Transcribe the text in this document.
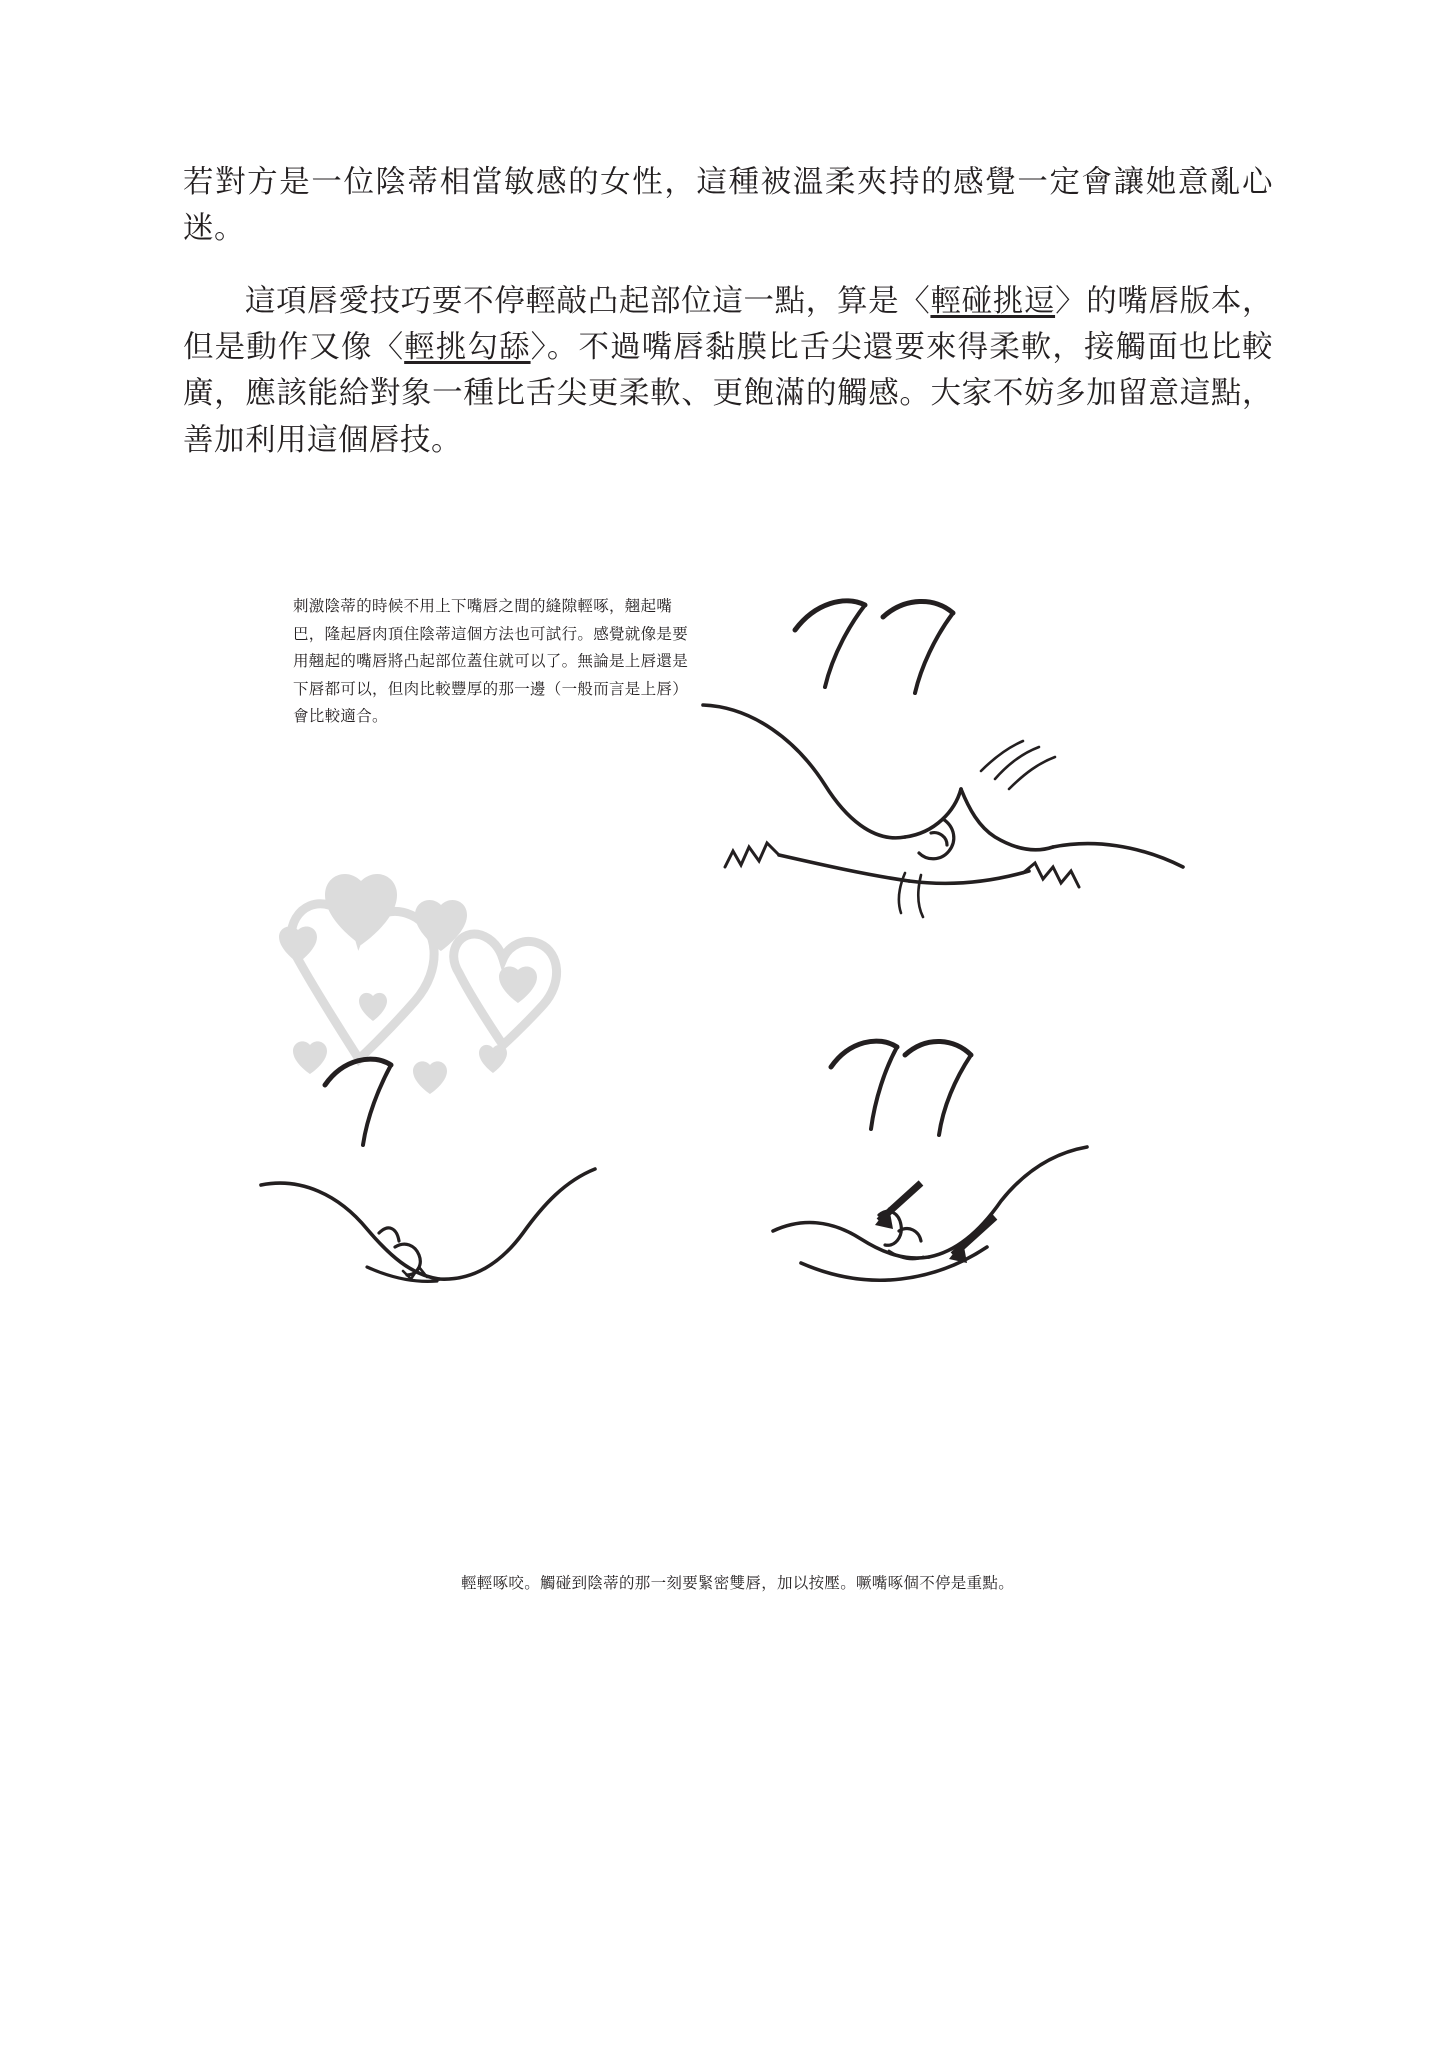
若對方是一位陰蒂相當敏感的女性，這種被溫柔夾持的感覺一定會讓她意亂心迷。

這項唇愛技巧要不停輕敲凸起部位這一點，算是〈輕碰挑逗〉的嘴唇版本，但是動作又像〈輕挑勾舔〉。不過嘴唇黏膜比舌尖還要來得柔軟，接觸面也比較廣，應該能給對象一種比舌尖更柔軟、更飽滿的觸感。大家不妨多加留意這點，善加利用這個唇技。

刺激陰蒂的時候不用上下嘴唇之間的縫隙輕啄，翹起嘴巴，隆起唇肉頂住陰蒂這個方法也可試行。感覺就像是要用翹起的嘴唇將凸起部位蓋住就可以了。無論是上唇還是下唇都可以，但肉比較豐厚的那一邊（一般而言是上唇）會比較適合。
輕輕啄咬。觸碰到陰蒂的那一刻要緊密雙唇，加以按壓。噘嘴啄個不停是重點。
